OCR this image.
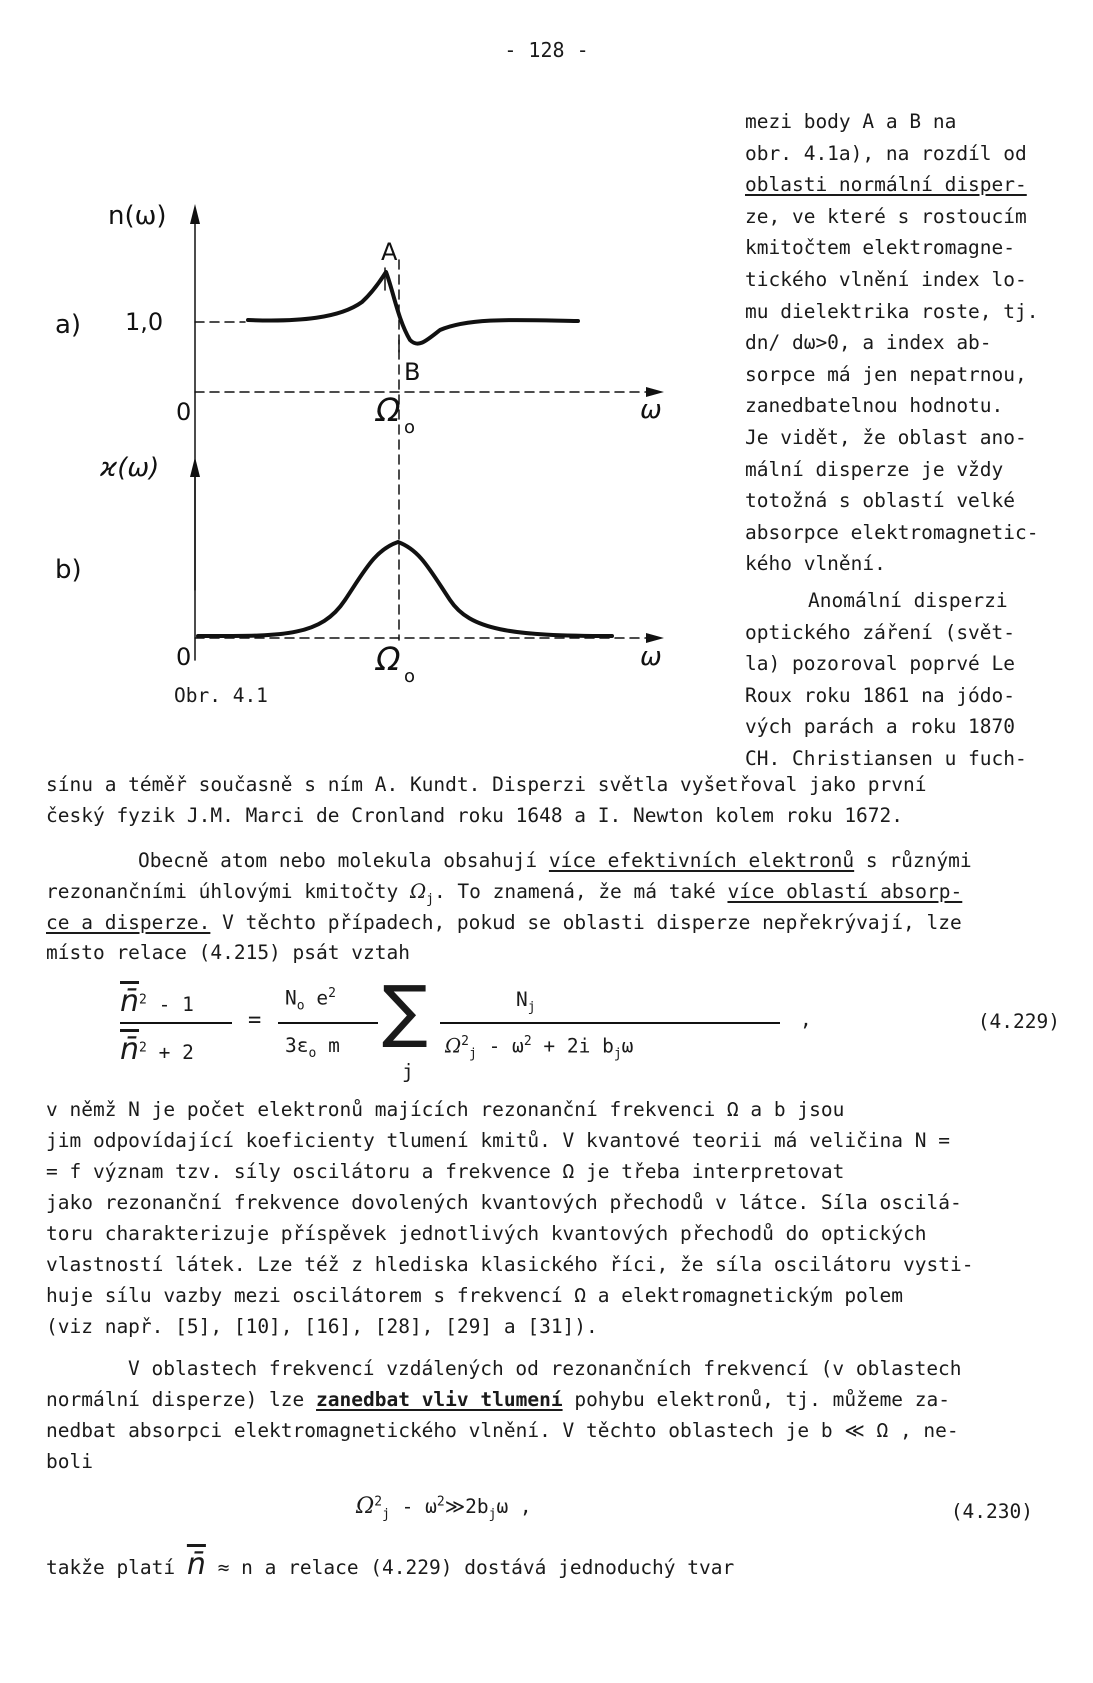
- 128 -
a)
b)
n(ω)
ϰ(ω)
1,0
0
0
A
B
ω
ω
Ω o
Ω o
Obr. 4.1
mezi body A a B na
obr. 4.1a), na rozdíl od
oblasti normální disper-
ze, ve které s rostoucím
kmitočtem elektromagne-
tického vlnění index lo-
mu dielektrika roste, tj.
dn/ dω>0, a index ab-
sorpce má jen nepatrnou,
zanedbatelnou hodnotu.
Je vidět, že oblast ano-
mální disperze je vždy
totožná s oblastí velké
absorpce elektromagnetic-
kého vlnění.
Anomální disperzi
optického záření (svět-
la) pozoroval poprvé Le
Roux roku 1861 na jódo-
vých parách a roku 1870
CH. Christiansen u fuch-
sínu a téměř současně s ním A. Kundt. Disperzi světla vyšetřoval jako první
český fyzik J.M. Marci de Cronland roku 1648 a I. Newton kolem roku 1672.
Obecně atom nebo molekula obsahují více efektivních elektronů s různými
rezonančními úhlovými kmitočty $\Omega_j$. To znamená, že má také více oblastí absorp-
ce a disperze. V těchto případech, pokud se oblasti disperze nepřekrývají, lze
místo relace (4.215) psát vztah
n̄$^2$ - 1
n̄$^2$ + 2
=
$N_o$ $e^2$
$3\varepsilon_o$ m ∑
j
$N_j$
$\Omega^2_j - \omega^2 + 2i$ $b_j\omega$
,	(4.229)
v němž N je počet elektronů majících rezonanční frekvenci Ω a b jsou
jim odpovídající koeficienty tlumení kmitů. V kvantové teorii má veličina N =
= f význam tzv. síly oscilátoru a frekvence Ω je třeba interpretovat
jako rezonanční frekvence dovolených kvantových přechodů v látce. Síla oscilá-
toru charakterizuje příspěvek jednotlivých kvantových přechodů do optických
vlastností látek. Lze též z hlediska klasického říci, že síla oscilátoru vysti-
huje sílu vazby mezi oscilátorem s frekvencí Ω a elektromagnetickým polem
(viz např. [5], [10], [16], [28], [29] a [31]).
V oblastech frekvencí vzdálených od rezonančních frekvencí (v oblastech
normální disperze) lze zanedbat vliv tlumení pohybu elektronů, tj. můžeme za-
nedbat absorpci elektromagnetického vlnění. V těchto oblastech je b ≪ Ω , ne-
boli
$\Omega^2_j$ - $\omega^2≫2b_j\omega$ ,	(4.230)
takže platí n̄ ≈ n a relace (4.229) dostává jednoduchý tvar
